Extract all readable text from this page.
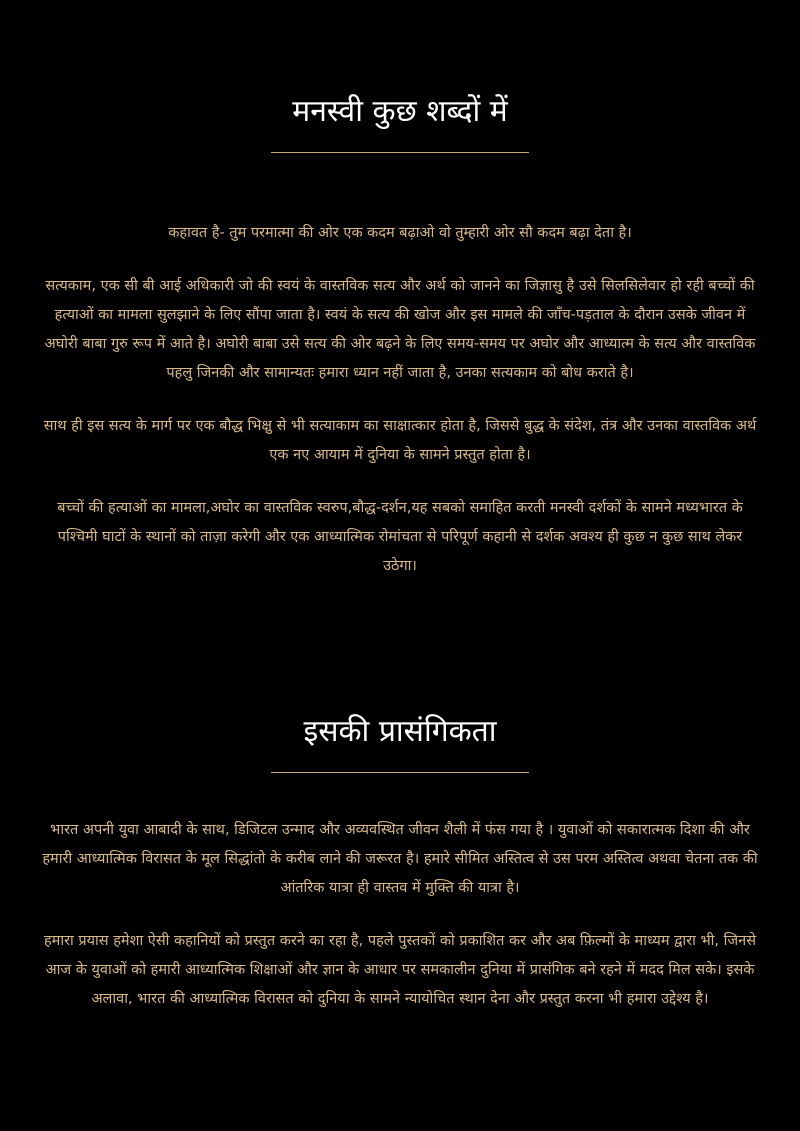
मनस्वी कुछ शब्दों में

कहावत है- तुम परमात्मा की ओर एक कदम बढ़ाओ वो तुम्हारी ओर सौ कदम बढ़ा देता है।

सत्यकाम, एक सी बी आई अधिकारी जो की स्वयं के वास्तविक सत्य और अर्थ को जानने का जिज्ञासु है उसे सिलसिलेवार हो रही बच्चों की हत्याओं का मामला सुलझाने के लिए सौंपा जाता है। स्वयं के सत्य की खोज और इस मामले की जाँच-पड़ताल के दौरान उसके जीवन में अघोरी बाबा गुरु रूप में आते है। अघोरी बाबा उसे सत्य की ओर बढ़ने के लिए समय-समय पर अघोर और आध्यात्म के सत्य और वास्तविक पहलु जिनकी और सामान्यतः हमारा ध्यान नहीं जाता है, उनका सत्यकाम को बोध कराते है।

साथ ही इस सत्य के मार्ग पर एक बौद्ध भिक्षु से भी सत्याकाम का साक्षात्कार होता है, जिससे बुद्ध के संदेश, तंत्र और उनका वास्तविक अर्थ एक नए आयाम में दुनिया के सामने प्रस्तुत होता है।

बच्चों की हत्याओं का मामला,अघोर का वास्तविक स्वरुप,बौद्ध-दर्शन,यह सबको समाहित करती मनस्वी दर्शकों के सामने मध्यभारत के पश्चिमी घाटों के स्थानों को ताज़ा करेगी और एक आध्यात्मिक रोमांचता से परिपूर्ण कहानी से दर्शक अवश्य ही कुछ न कुछ साथ लेकर उठेगा।

इसकी प्रासंगिकता

भारत अपनी युवा आबादी के साथ, डिजिटल उन्माद और अव्यवस्थित जीवन शैली में फंस गया है । युवाओं को सकारात्मक दिशा की और हमारी आध्यात्मिक विरासत के मूल सिद्धांतो के करीब लाने की जरूरत है। हमारे सीमित अस्तित्व से उस परम अस्तित्व अथवा चेतना तक की आंतरिक यात्रा ही वास्तव में मुक्ति की यात्रा है।

हमारा प्रयास हमेशा ऐसी कहानियों को प्रस्तुत करने का रहा है, पहले पुस्तकों को प्रकाशित कर और अब फ़िल्मों के माध्यम द्वारा भी, जिनसे आज के युवाओं को हमारी आध्यात्मिक शिक्षाओं और ज्ञान के आधार पर समकालीन दुनिया में प्रासंगिक बने रहने में मदद मिल सके। इसके अलावा, भारत की आध्यात्मिक विरासत को दुनिया के सामने न्यायोचित स्थान देना और प्रस्तुत करना भी हमारा उद्देश्य है।
